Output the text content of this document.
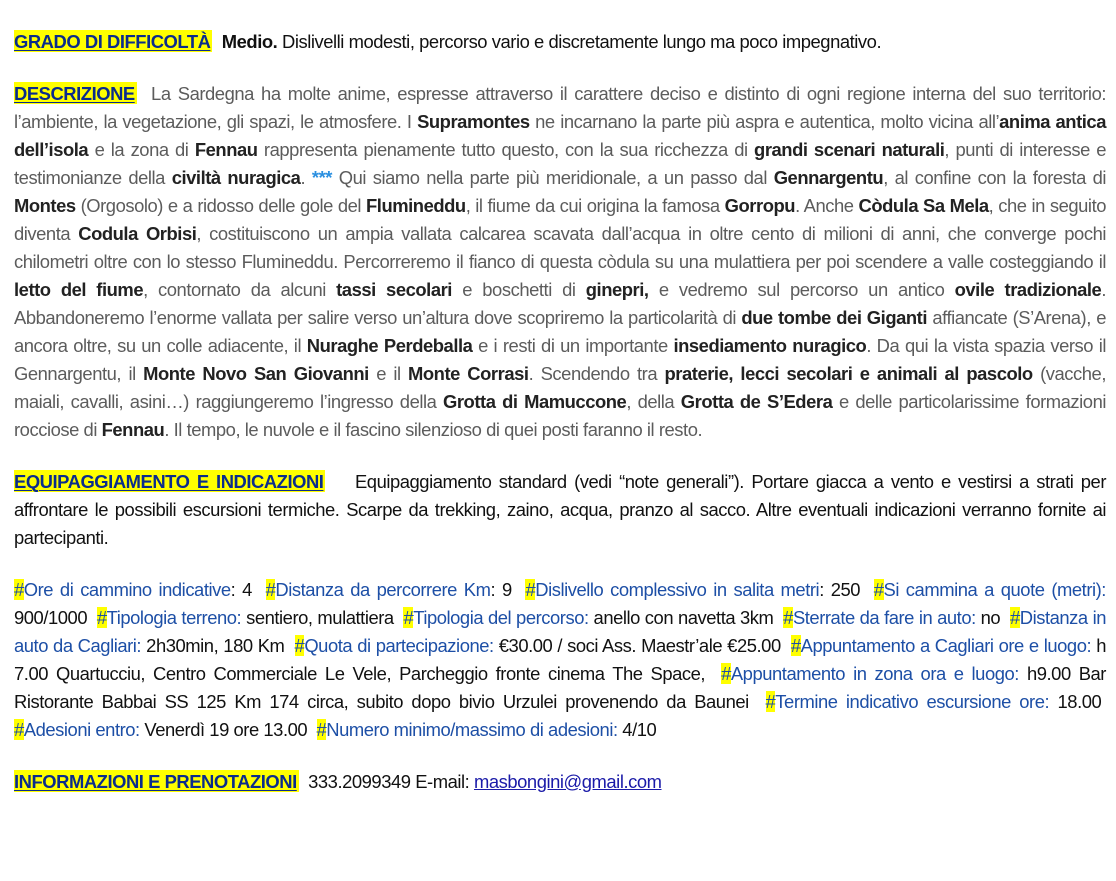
GRADO DI DIFFICOLTÀ Medio. Dislivelli modesti, percorso vario e discretamente lungo ma poco impegnativo.

DESCRIZIONE La Sardegna ha molte anime, espresse attraverso il carattere deciso e distinto di ogni regione interna del suo territorio: l’ambiente, la vegetazione, gli spazi, le atmosfere. I Supramontes ne incarnano la parte più aspra e autentica, molto vicina all’anima antica dell’isola e la zona di Fennau rappresenta pienamente tutto questo, con la sua ricchezza di grandi scenari naturali, punti di interesse e testimonianze della civiltà nuragica. *** Qui siamo nella parte più meridionale, a un passo dal Gennargentu, al confine con la foresta di Montes (Orgosolo) e a ridosso delle gole del Flumineddu, il fiume da cui origina la famosa Gorropu. Anche Còdula Sa Mela, che in seguito diventa Codula Orbisi, costituiscono un ampia vallata calcarea scavata dall’acqua in oltre cento di milioni di anni, che converge pochi chilometri oltre con lo stesso Flumineddu. Percorreremo il fianco di questa còdula su una mulattiera per poi scendere a valle costeggiando il letto del fiume, contornato da alcuni tassi secolari e boschetti di ginepri, e vedremo sul percorso un antico ovile tradizionale. Abbandoneremo l’enorme vallata per salire verso un’altura dove scopriremo la particolarità di due tombe dei Giganti affiancate (S’Arena), e ancora oltre, su un colle adiacente, il Nuraghe Perdeballa e i resti di un importante insediamento nuragico. Da qui la vista spazia verso il Gennargentu, il Monte Novo San Giovanni e il Monte Corrasi. Scendendo tra praterie, lecci secolari e animali al pascolo (vacche, maiali, cavalli, asini…) raggiungeremo l’ingresso della Grotta di Mamuccone, della Grotta de S’Edera e delle particolarissime formazioni rocciose di Fennau. Il tempo, le nuvole e il fascino silenzioso di quei posti faranno il resto.

EQUIPAGGIAMENTO E INDICAZIONI Equipaggiamento standard (vedi “note generali”). Portare giacca a vento e vestirsi a strati per affrontare le possibili escursioni termiche. Scarpe da trekking, zaino, acqua, pranzo al sacco. Altre eventuali indicazioni verranno fornite ai partecipanti.

#Ore di cammino indicative: 4 #Distanza da percorrere Km: 9 #Dislivello complessivo in salita metri: 250 #Si cammina a quote (metri): 900/1000 #Tipologia terreno: sentiero, mulattiera #Tipologia del percorso: anello con navetta 3km #Sterrate da fare in auto: no #Distanza in auto da Cagliari: 2h30min, 180 Km #Quota di partecipazione: €30.00 / soci Ass. Maestr’ale €25.00 #Appuntamento a Cagliari ore e luogo: h 7.00 Quartucciu, Centro Commerciale Le Vele, Parcheggio fronte cinema The Space, #Appuntamento in zona ora e luogo: h9.00 Bar Ristorante Babbai SS 125 Km 174 circa, subito dopo bivio Urzulei provenendo da Baunei #Termine indicativo escursione ore: 18.00  #Adesioni entro: Venerdì 19 ore 13.00 #Numero minimo/massimo di adesioni: 4/10

INFORMAZIONI E PRENOTAZIONI 333.2099349 E-mail: masbongini@gmail.com
